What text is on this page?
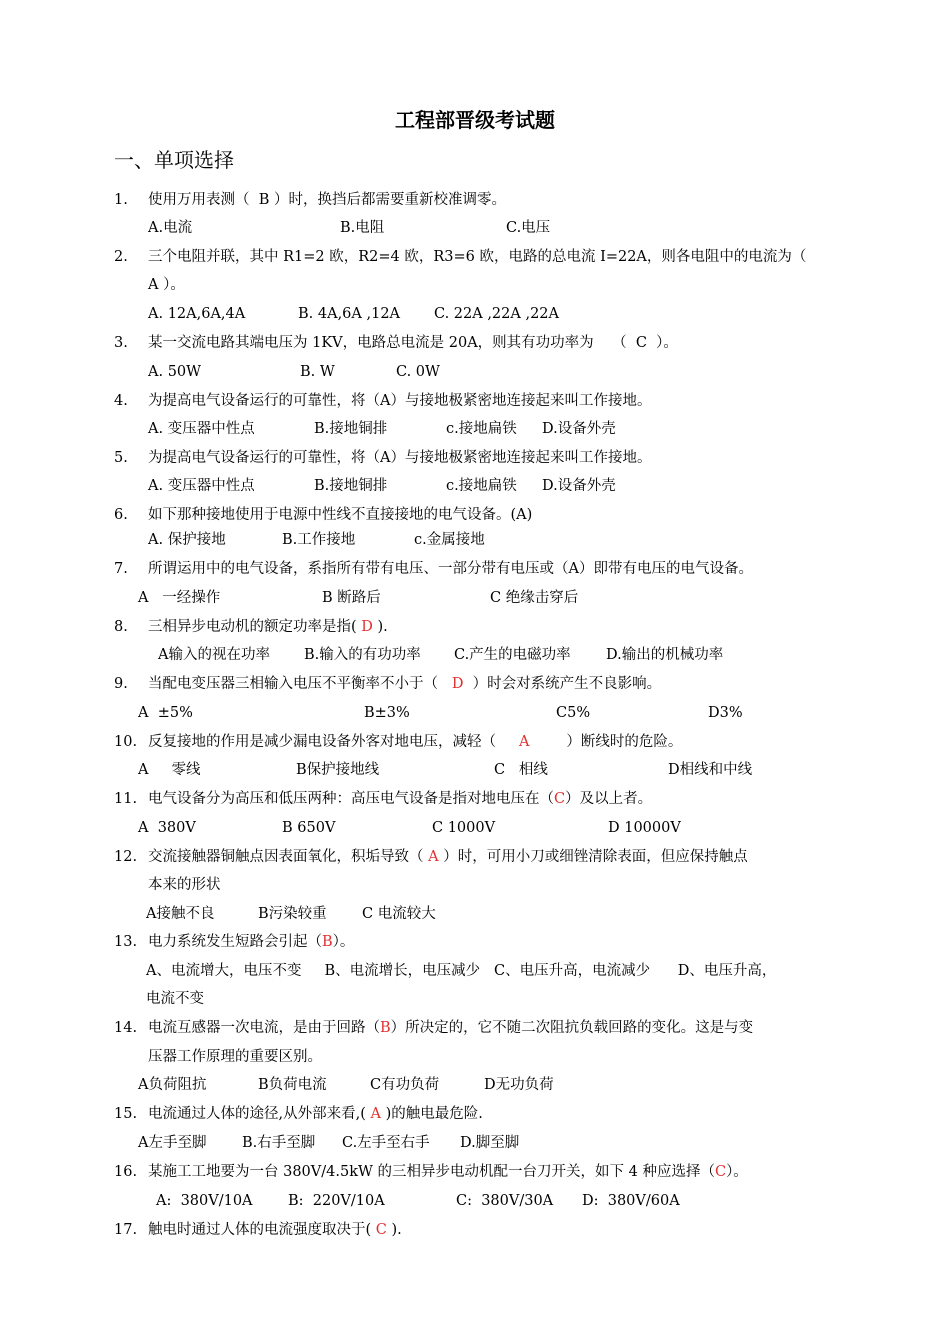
工程部晋级考试题
一、单项选择
1. 使用万用表测（  B ）时，换挡后都需要重新校准调零。
A.电流	B.电阻	C.电压
2. 三个电阻并联，其中 R1=2 欧，R2=4 欧，R3=6 欧，电路的总电流 I=22A，则各电阻中的电流为（
A ）。
A. 12A,6A,4A	B. 4A,6A ,12A C. 22A ,22A ,22A
3. 某一交流电路其端电压为 1KV，电路总电流是 20A，则其有功功率为    （  C  ）。
A. 50W	B. W	C. 0W
4. 为提高电气设备运行的可靠性，将（A）与接地极紧密地连接起来叫工作接地。
A. 变压器中性点	B.接地铜排	c.接地扁铁 D.设备外壳
5. 为提高电气设备运行的可靠性，将（A）与接地极紧密地连接起来叫工作接地。
A. 变压器中性点	B.接地铜排	c.接地扁铁 D.设备外壳
6. 如下那种接地使用于电源中性线不直接接地的电气设备。(A)
A. 保护接地	B.工作接地	c.金属接地
7. 所谓运用中的电气设备，系指所有带有电压、一部分带有电压或（A）即带有电压的电气设备。
A   一经操作	B 断路后	C 绝缘击穿后
8. 三相异步电动机的额定功率是指( D ).
A输入的视在功率 B.输入的有功功率 C.产生的电磁功率 D.输出的机械功率
9. 当配电变压器三相输入电压不平衡率不小于（   D  ）时会对系统产生不良影响。
A  ±5%	B±3%	C5%	D3%
10. 反复接地的作用是减少漏电设备外客对地电压，减轻（     A        ）断线时的危险。
A     零线	B保护接地线	C   相线	D相线和中线
11. 电气设备分为高压和低压两种：高压电气设备是指对地电压在（C）及以上者。
A  380V	B 650V	C 1000V	D 10000V
12. 交流接触器铜触点因表面氧化，积垢导致（ A ）时，可用小刀或细锉清除表面，但应保持触点
本来的形状
A接触不良	B污染较重 C 电流较大
13. 电力系统发生短路会引起（B）。
A、电流增大，电压不变     B、电流增长，电压减少   C、电压升高，电流减少      D、电压升高，
电流不变
14. 电流互感器一次电流，是由于回路（B）所决定的，它不随二次阻抗负载回路的变化。这是与变
压器工作原理的重要区别。
A负荷阻抗	B负荷电流	C有功负荷	D无功负荷
15. 电流通过人体的途径,从外部来看,( A )的触电最危险.
A左手至脚 B.右手至脚 C.左手至右手 D.脚至脚
16. 某施工工地要为一台 380V/4.5kW 的三相异步电动机配一台刀开关，如下 4 种应选择（C）。
A:  380V/10A B:  220V/10A	C:  380V/30A D:  380V/60A
17. 触电时通过人体的电流强度取决于( C ).
